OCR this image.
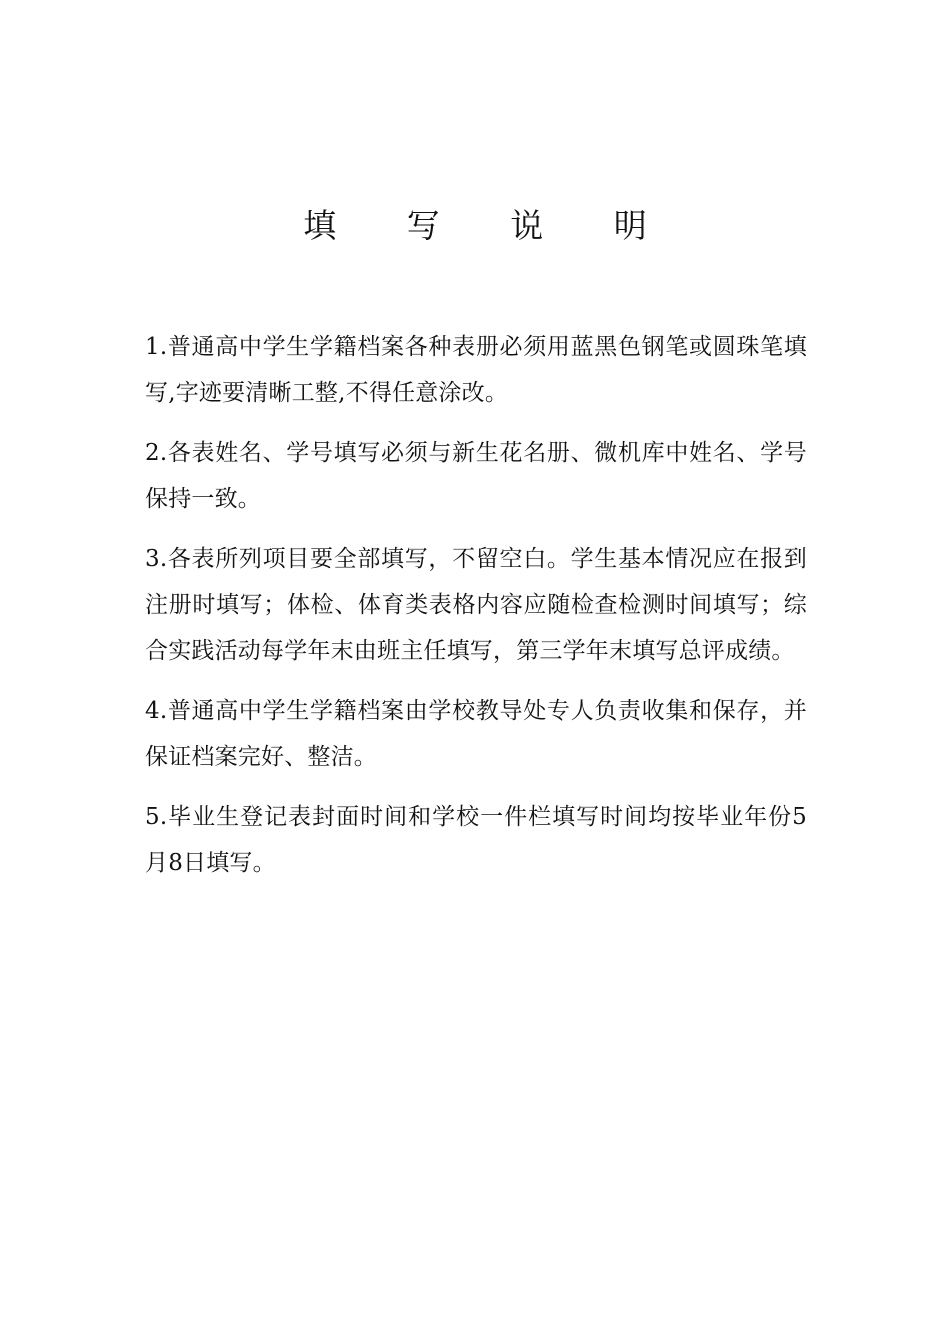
填 写 说 明

1.普通高中学生学籍档案各种表册必须用蓝黑色钢笔或圆珠笔填写,字迹要清晰工整,不得任意涂改。

2.各表姓名、学号填写必须与新生花名册、微机库中姓名、学号保持一致。

3.各表所列项目要全部填写，不留空白。学生基本情况应在报到注册时填写；体检、体育类表格内容应随检查检测时间填写；综合实践活动每学年末由班主任填写，第三学年末填写总评成绩。

4.普通高中学生学籍档案由学校教导处专人负责收集和保存，并保证档案完好、整洁。

5.毕业生登记表封面时间和学校一件栏填写时间均按毕业年份5月8日填写。
